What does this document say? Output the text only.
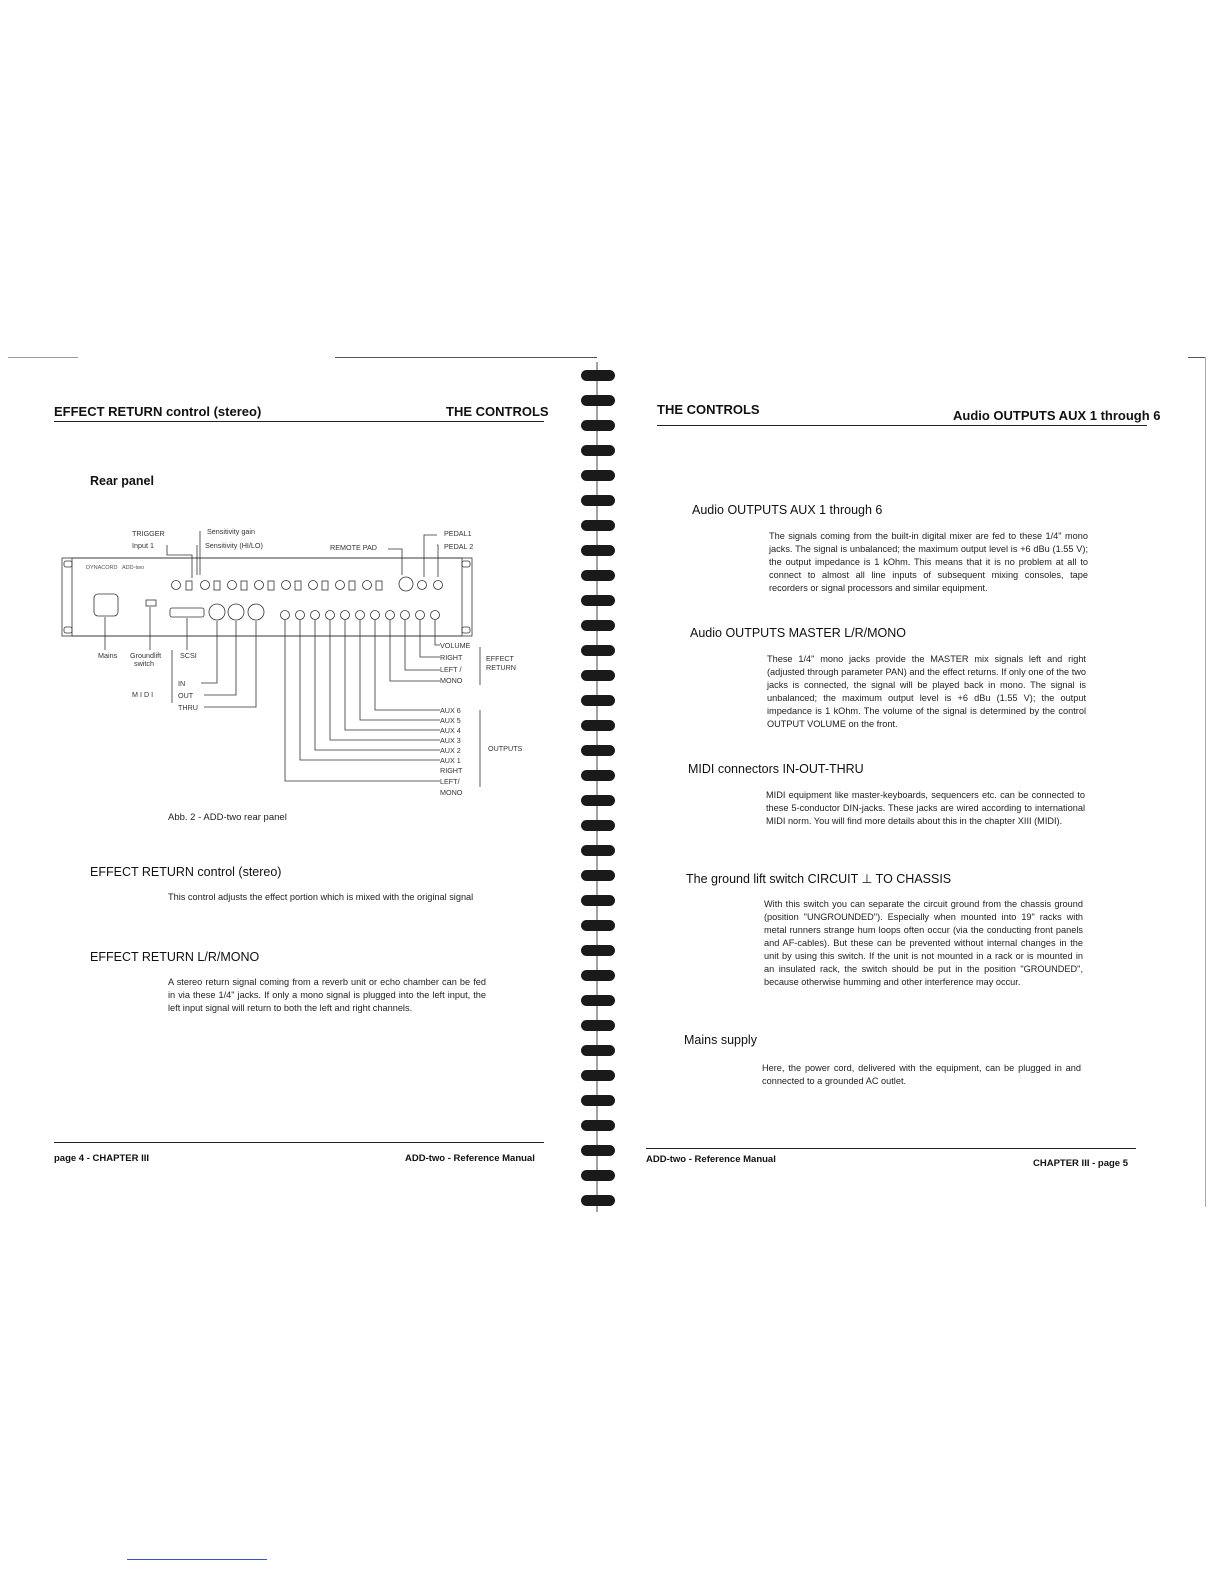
EFFECT RETURN control (stereo)	THE CONTROLS
Rear panel
DYNACORD ADD-two
TRIGGER
Input 1
Sensitivity gain
Sensitivity (HI/LO)	REMOTE PAD
PEDAL1
PEDAL 2
Mains Groundlift
switch
SCSI
M I D I
IN
OUT
THRU
VOLUME
RIGHT
LEFT /
MONO
EFFECT
RETURN
AUX 6
AUX 5
AUX 4
AUX 3
AUX 2
AUX 1
RIGHT
LEFT/
MONO
OUTPUTS
Abb. 2 - ADD-two rear panel
EFFECT RETURN control (stereo)
This control adjusts the effect portion which is mixed with the original signal
EFFECT RETURN L/R/MONO
A stereo return signal coming from a reverb unit or echo chamber can be fed in via these 1/4" jacks. If only a mono signal is plugged into the left input, the left input signal will return to both the left and right channels.
page 4 - CHAPTER III	ADD-two - Reference Manual
THE CONTROLS	Audio OUTPUTS AUX 1 through 6
Audio OUTPUTS AUX 1 through 6
The signals coming from the built-in digital mixer are fed to these 1/4" mono jacks. The signal is unbalanced; the maximum output level is +6 dBu (1.55 V); the output impedance is 1 kOhm. This means that it is no problem at all to connect to almost all line inputs of subsequent mixing consoles, tape recorders or signal processors and similar equipment.
Audio OUTPUTS MASTER L/R/MONO
These 1/4" mono jacks provide the MASTER mix signals left and right (adjusted through parameter PAN) and the effect returns. If only one of the two jacks is connected, the signal will be played back in mono. The signal is unbalanced; the maximum output level is +6 dBu (1.55 V); the output impedance is 1 kOhm. The volume of the signal is determined by the control OUTPUT VOLUME on the front.
MIDI connectors IN-OUT-THRU
MIDI equipment like master-keyboards, sequencers etc. can be connected to these 5-conductor DIN-jacks. These jacks are wired according to international MIDI norm. You will find more details about this in the chapter XIII (MIDI).
The ground lift switch CIRCUIT ⊥ TO CHASSIS
With this switch you can separate the circuit ground from the chassis ground (position "UNGROUNDED"). Especially when mounted into 19" racks with metal runners strange hum loops often occur (via the conducting front panels and AF-cables). But these can be prevented without internal changes in the unit by using this switch. If the unit is not mounted in a rack or is mounted in an insulated rack, the switch should be put in the position "GROUNDED", because otherwise humming and other interference may occur.
Mains supply
Here, the power cord, delivered with the equipment, can be plugged in and connected to a grounded AC outlet.
ADD-two - Reference Manual	CHAPTER III - page 5
